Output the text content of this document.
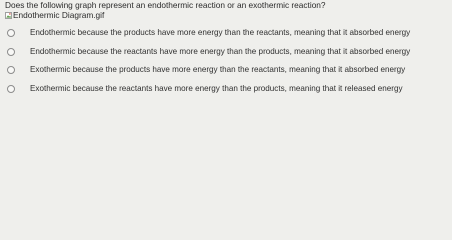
Does the following graph represent an endothermic reaction or an exothermic reaction?
Endothermic Diagram.gif
Endothermic because the products have more energy than the reactants, meaning that it absorbed energy
Endothermic because the reactants have more energy than the products, meaning that it absorbed energy
Exothermic because the products have more energy than the reactants, meaning that it absorbed energy
Exothermic because the reactants have more energy than the products, meaning that it released energy
